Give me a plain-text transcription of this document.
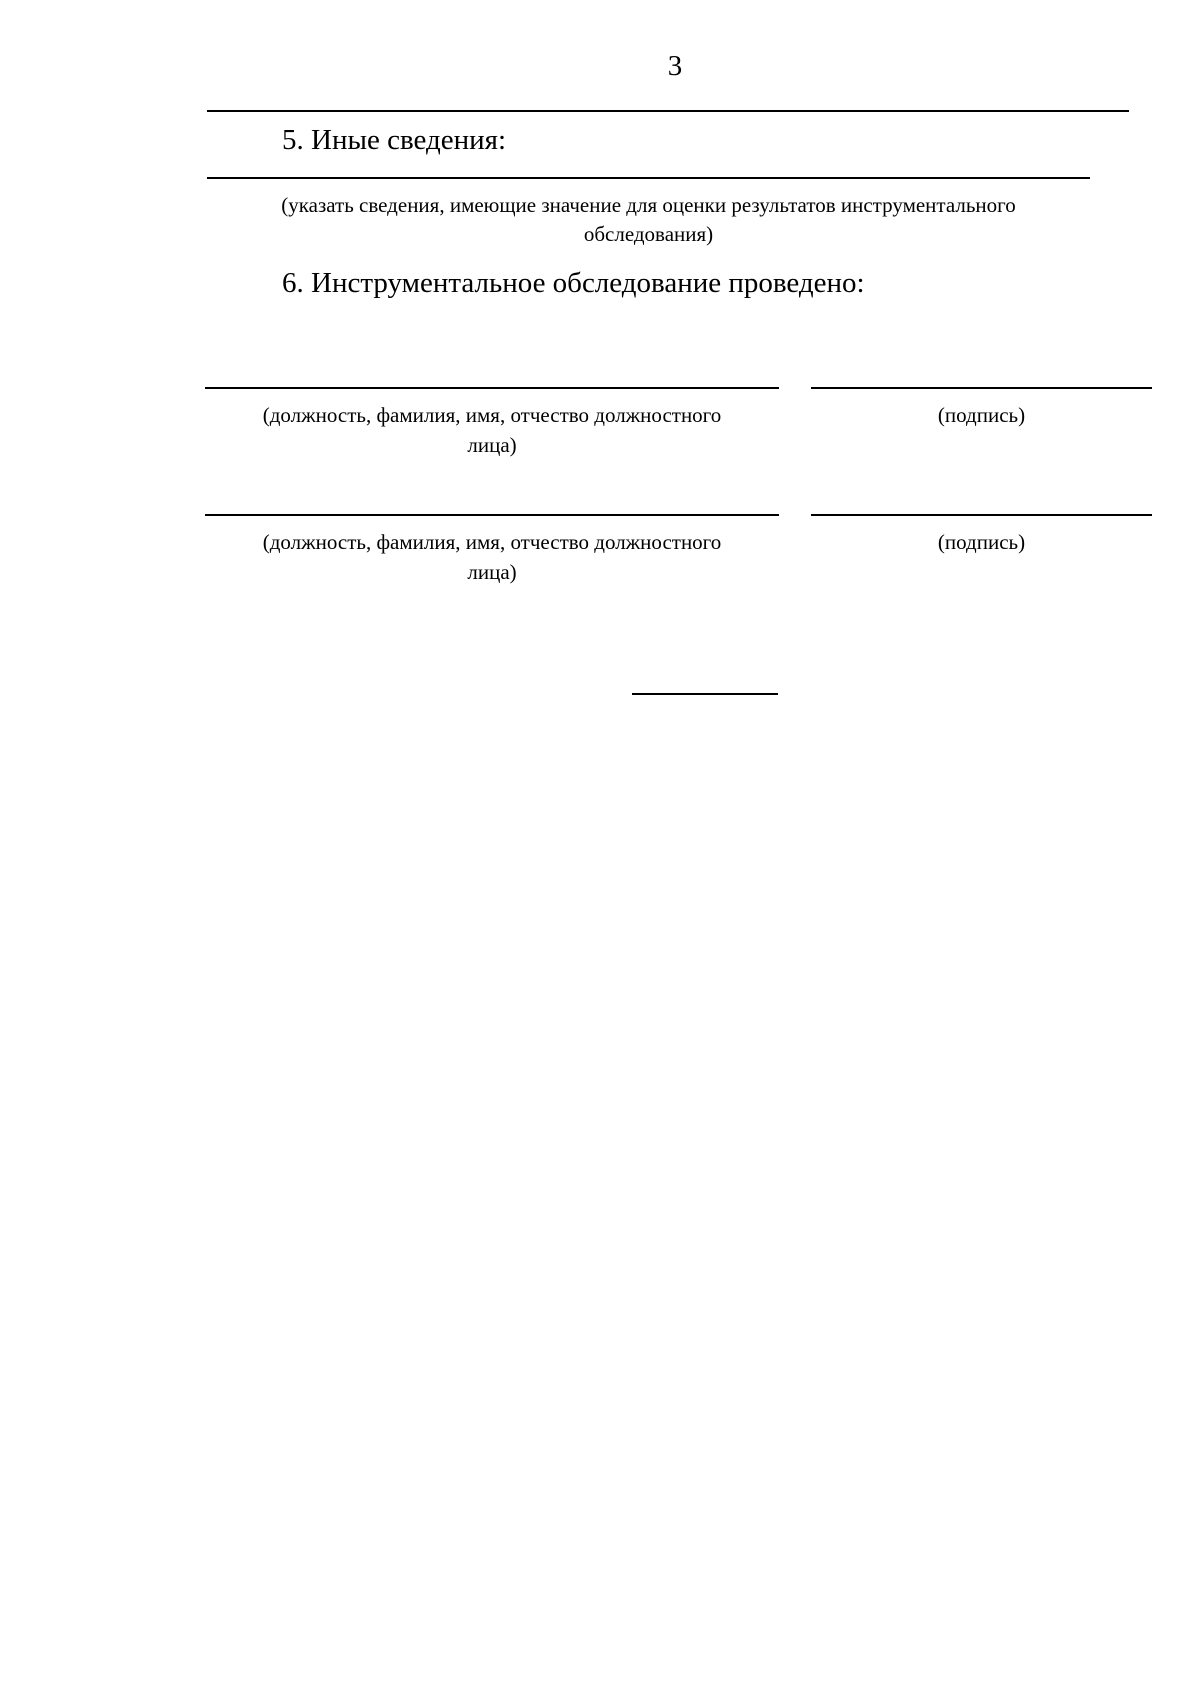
3
5. Иные сведения:
(указать сведения, имеющие значение для оценки результатов инструментального
обследования)
6. Инструментальное обследование проведено:
(должность, фамилия, имя, отчество должностного
лица)
(подпись)
(должность, фамилия, имя, отчество должностного
лица)
(подпись)
